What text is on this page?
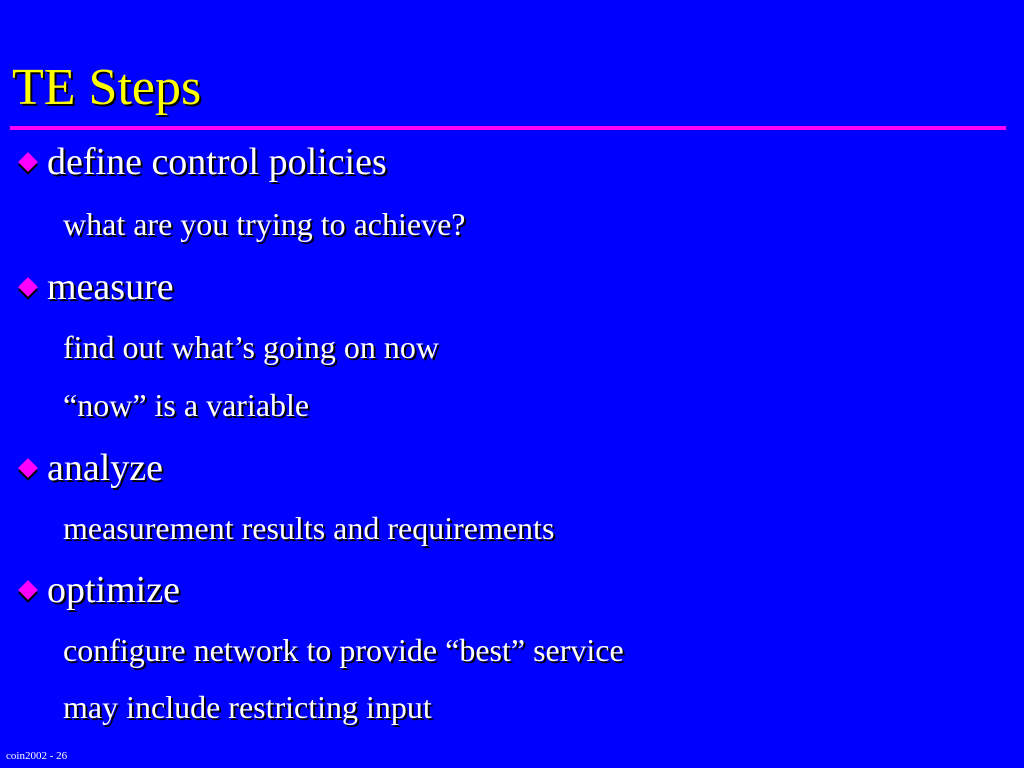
TE Steps
define control policies
what are you trying to achieve?
measure
find out what’s going on now
“now” is a variable
analyze
measurement results and requirements
optimize
configure network to provide “best” service
may include restricting input
coin2002 - 26
